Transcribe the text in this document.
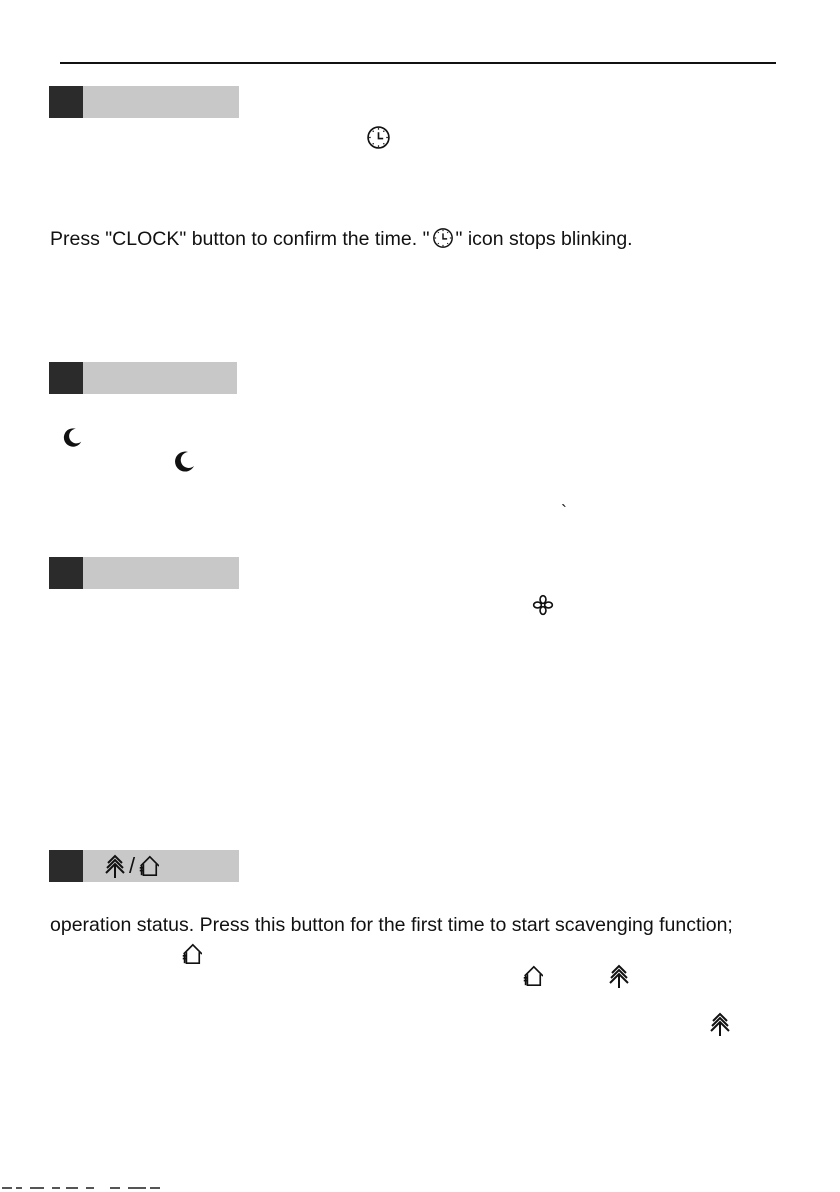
Press "CLOCK" button to confirm the time. " " icon stops blinking.
`
/
operation status. Press this button for the first time to start scavenging function;
